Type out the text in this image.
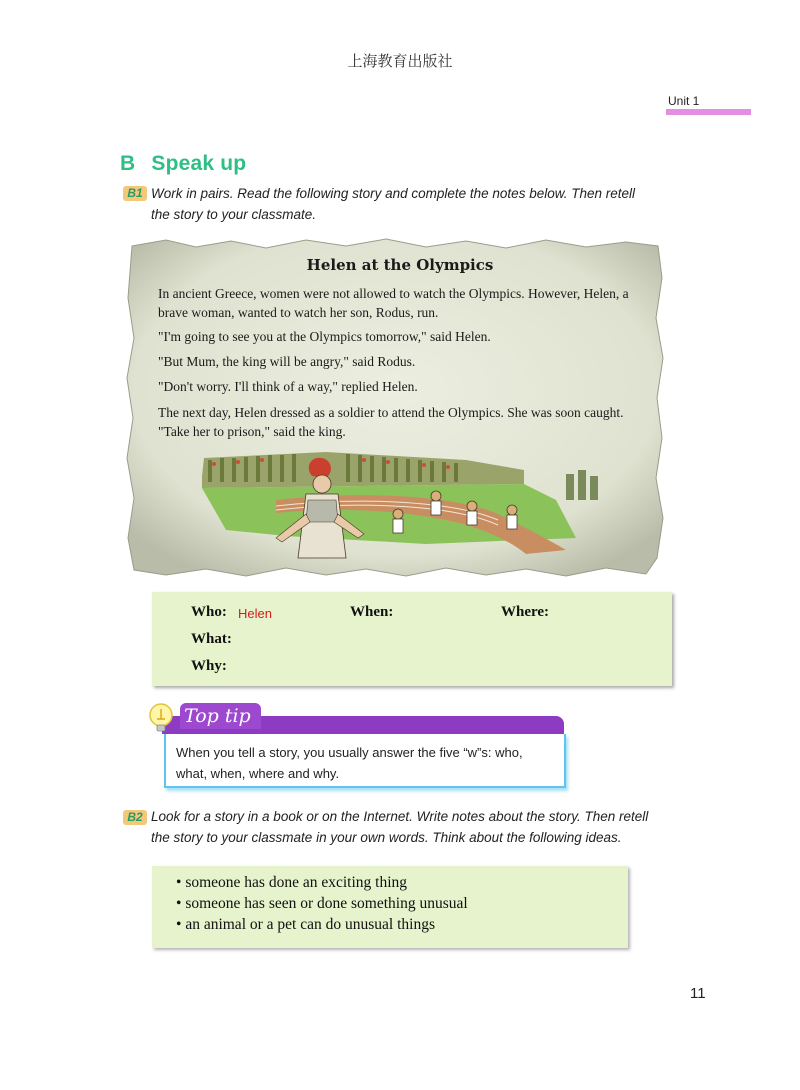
上海教育出版社
Unit 1
B Speak up
B1 Work in pairs. Read the following story and complete the notes below. Then retell
the story to your classmate.
Helen at the Olympics
In ancient Greece, women were not allowed to watch the Olympics. However, Helen, a brave woman, wanted to watch her son, Rodus, run.
"I'm going to see you at the Olympics tomorrow," said Helen.
"But Mum, the king will be angry," said Rodus.
"Don't worry. I'll think of a way," replied Helen.
The next day, Helen dressed as a soldier to attend the Olympics. She was soon caught. "Take her to prison," said the king.
Who: Helen	When:	Where:
What:
Why:
Top tip
When you tell a story, you usually answer the five “w”s: who, what, when, where and why.
B2 Look for a story in a book or on the Internet. Write notes about the story. Then retell
the story to your classmate in your own words. Think about the following ideas.
• someone has done an exciting thing
• someone has seen or done something unusual
• an animal or a pet can do unusual things
11
